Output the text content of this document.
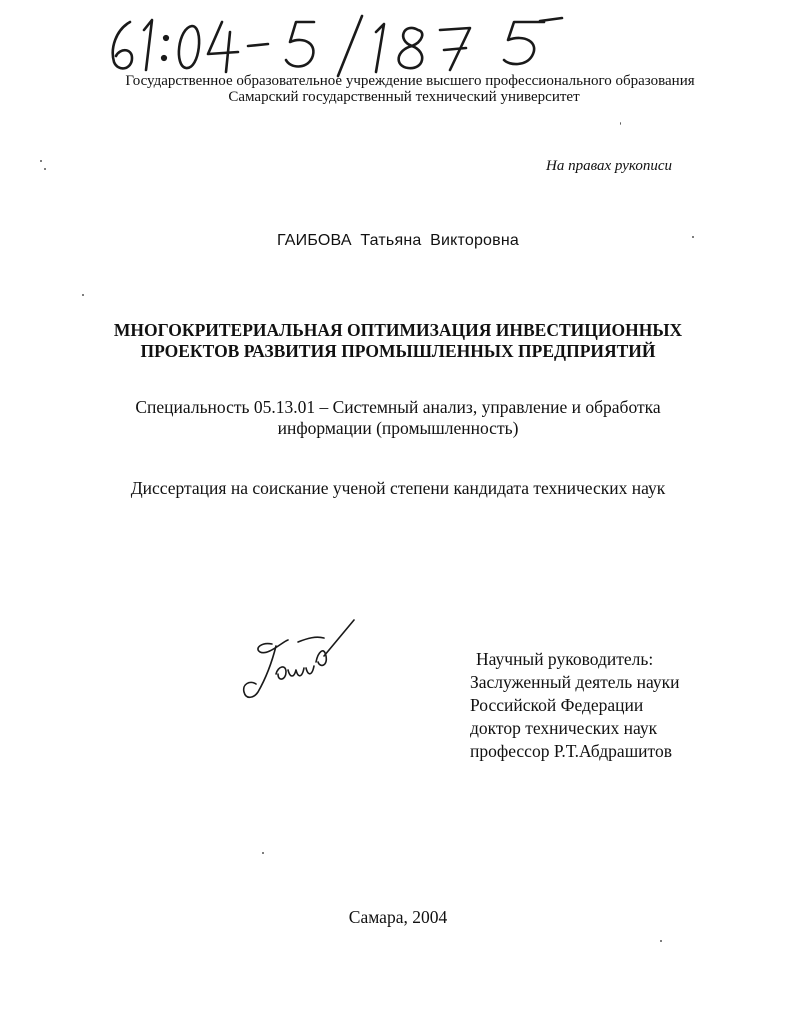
Государственное образовательное учреждение высшего профессионального образования
Самарский государственный технический университет
На правах рукописи
ГАИБОВА Татьяна Викторовна
МНОГОКРИТЕРИАЛЬНАЯ ОПТИМИЗАЦИЯ ИНВЕСТИЦИОННЫХ
ПРОЕКТОВ РАЗВИТИЯ ПРОМЫШЛЕННЫХ ПРЕДПРИЯТИЙ
Специальность 05.13.01 – Системный анализ, управление и обработка
информации (промышленность)
Диссертация на соискание ученой степени кандидата технических наук
Научный руководитель:
Заслуженный деятель науки
Российской Федерации
доктор технических наук
профессор Р.Т.Абдрашитов
Самара, 2004
